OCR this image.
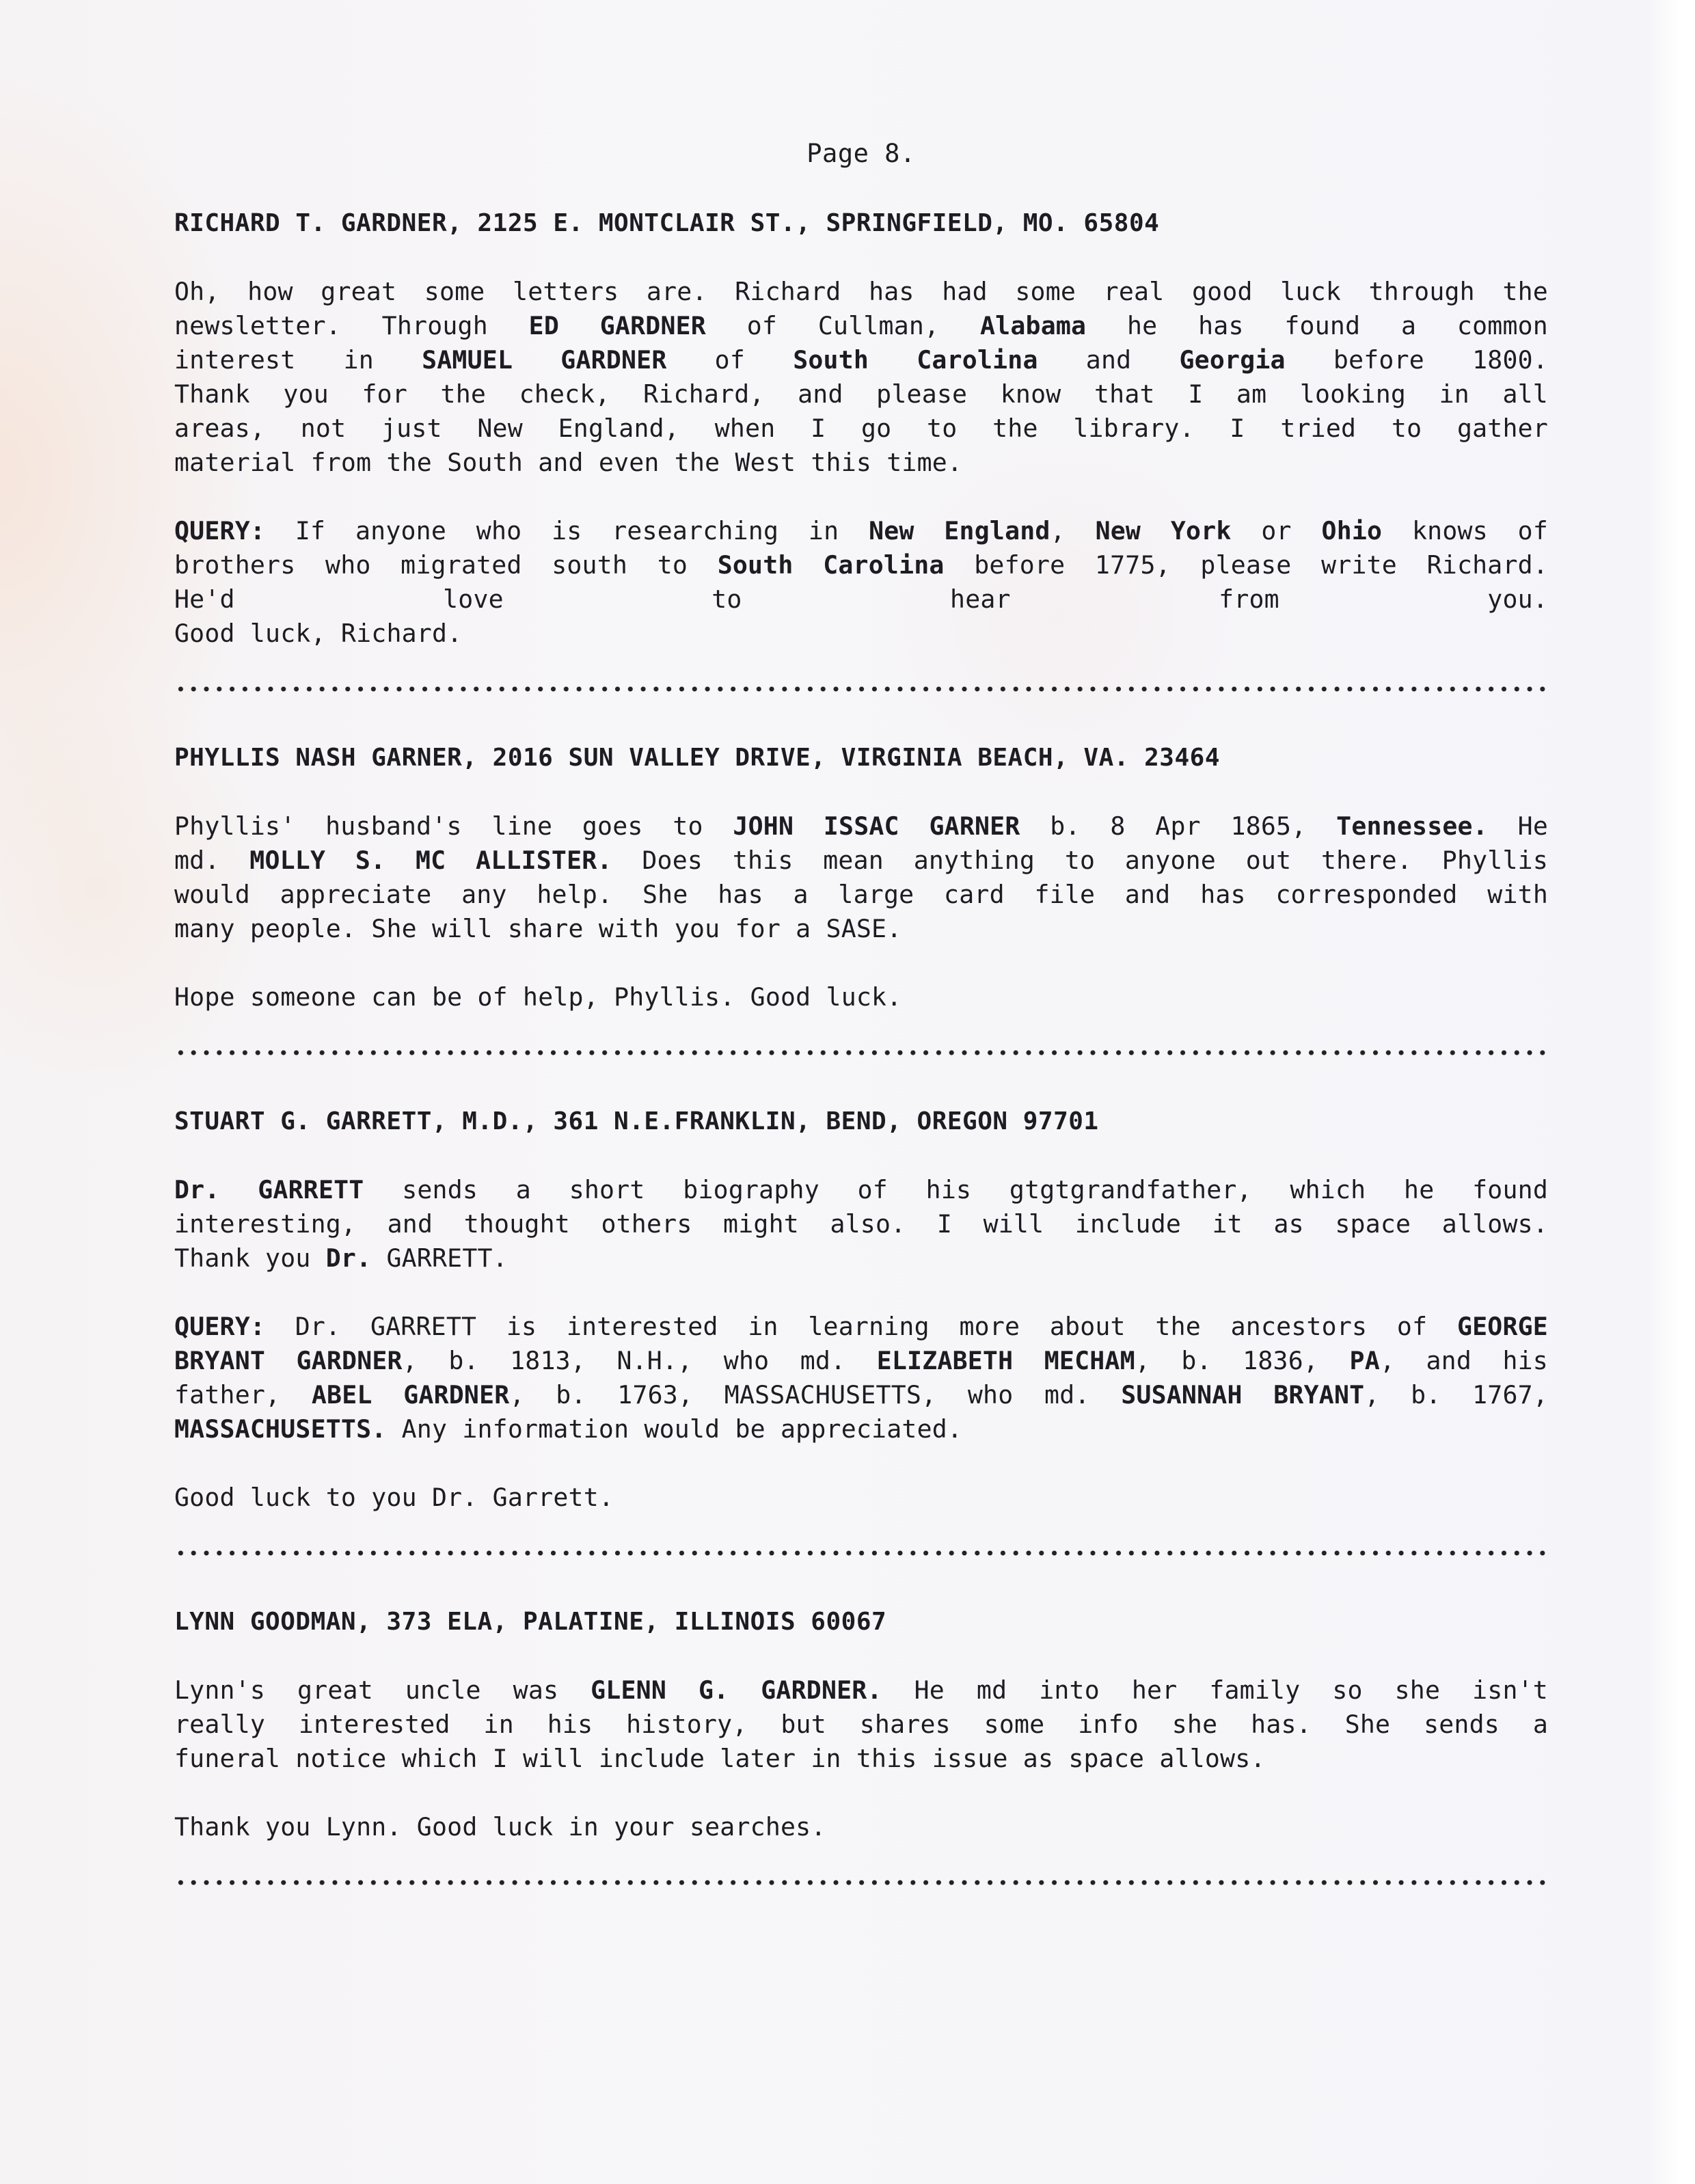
Page 8.
RICHARD T. GARDNER, 2125 E. MONTCLAIR ST., SPRINGFIELD, MO. 65804
Oh, how great some letters are. Richard has had some real good luck through the
newsletter. Through ED GARDNER of Cullman, Alabama he has found a common
interest in SAMUEL GARDNER of South Carolina and Georgia before 1800.
Thank you for the check, Richard, and please know that I am looking in all
areas, not just New England, when I go to the library. I tried to gather
material from the South and even the West this time.
QUERY: If anyone who is researching in New England, New York or Ohio knows of
brothers who migrated south to South Carolina before 1775, please write Richard.
He'd love to hear from you.
Good luck, Richard.
PHYLLIS NASH GARNER, 2016 SUN VALLEY DRIVE, VIRGINIA BEACH, VA. 23464
Phyllis' husband's line goes to JOHN ISSAC GARNER b. 8 Apr 1865, Tennessee. He
md. MOLLY S. MC ALLISTER. Does this mean anything to anyone out there. Phyllis
would appreciate any help. She has a large card file and has corresponded with
many people. She will share with you for a SASE.
Hope someone can be of help, Phyllis. Good luck.
STUART G. GARRETT, M.D., 361 N.E.FRANKLIN, BEND, OREGON 97701
Dr. GARRETT sends a short biography of his gtgtgrandfather, which he found
interesting, and thought others might also. I will include it as space allows.
Thank you Dr. GARRETT.
QUERY: Dr. GARRETT is interested in learning more about the ancestors of GEORGE
BRYANT GARDNER, b. 1813, N.H., who md. ELIZABETH MECHAM, b. 1836, PA, and his
father, ABEL GARDNER, b. 1763, MASSACHUSETTS, who md. SUSANNAH BRYANT, b. 1767,
MASSACHUSETTS. Any information would be appreciated.
Good luck to you Dr. Garrett.
LYNN GOODMAN, 373 ELA, PALATINE, ILLINOIS 60067
Lynn's great uncle was GLENN G. GARDNER. He md into her family so she isn't
really interested in his history, but shares some info she has. She sends a
funeral notice which I will include later in this issue as space allows.
Thank you Lynn. Good luck in your searches.
